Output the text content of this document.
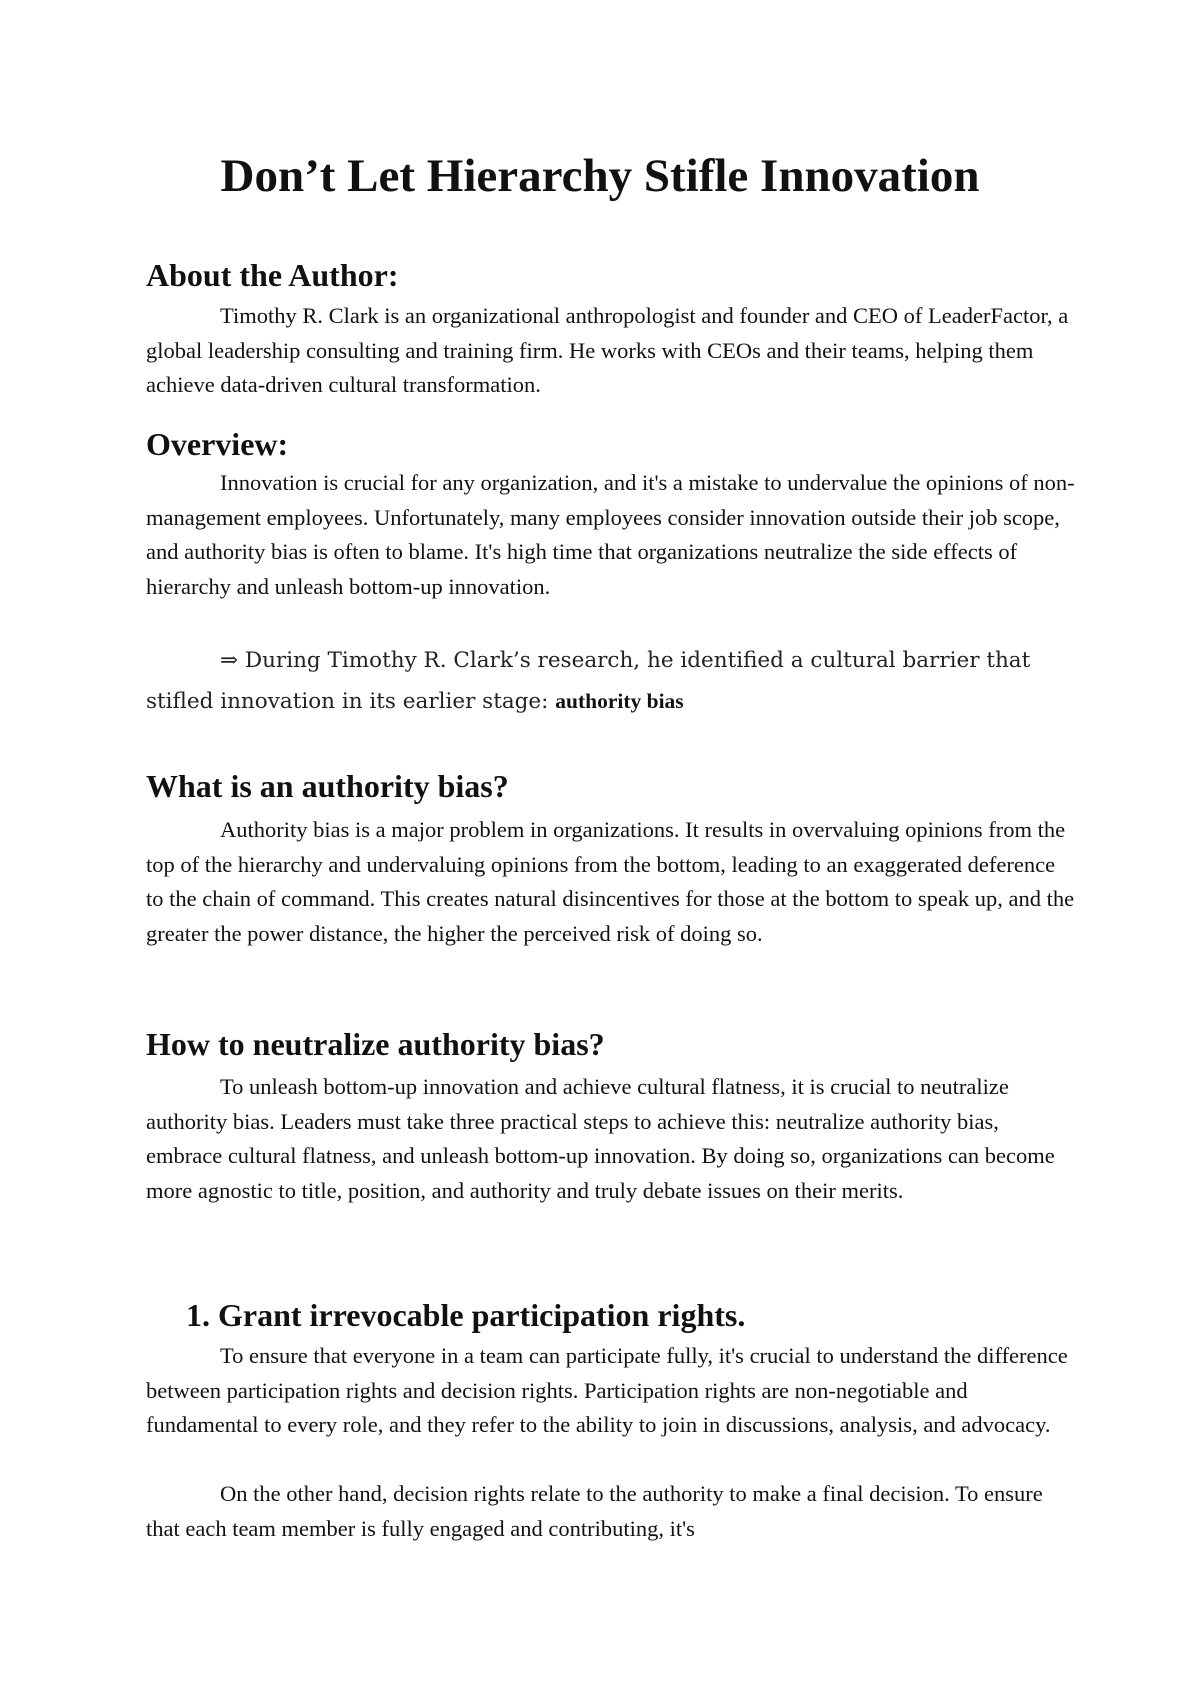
Don’t Let Hierarchy Stifle Innovation
About the Author:

Timothy R. Clark is an organizational anthropologist and founder and CEO of LeaderFactor, a global leadership consulting and training firm. He works with CEOs and their teams, helping them achieve data-driven cultural transformation.

Overview:

Innovation is crucial for any organization, and it's a mistake to undervalue the opinions of non-management employees. Unfortunately, many employees consider innovation outside their job scope, and authority bias is often to blame. It's high time that organizations neutralize the side effects of hierarchy and unleash bottom-up innovation.

⇒ During Timothy R. Clark’s research, he identified a cultural barrier that stifled innovation in its earlier stage: authority bias

What is an authority bias?

Authority bias is a major problem in organizations. It results in overvaluing opinions from the top of the hierarchy and undervaluing opinions from the bottom, leading to an exaggerated deference to the chain of command. This creates natural disincentives for those at the bottom to speak up, and the greater the power distance, the higher the perceived risk of doing so.

How to neutralize authority bias?

To unleash bottom-up innovation and achieve cultural flatness, it is crucial to neutralize authority bias. Leaders must take three practical steps to achieve this: neutralize authority bias, embrace cultural flatness, and unleash bottom-up innovation. By doing so, organizations can become more agnostic to title, position, and authority and truly debate issues on their merits.

1. Grant irrevocable participation rights.

To ensure that everyone in a team can participate fully, it's crucial to understand the difference between participation rights and decision rights. Participation rights are non-negotiable and fundamental to every role, and they refer to the ability to join in discussions, analysis, and advocacy.

On the other hand, decision rights relate to the authority to make a final decision. To ensure that each team member is fully engaged and contributing, it's
